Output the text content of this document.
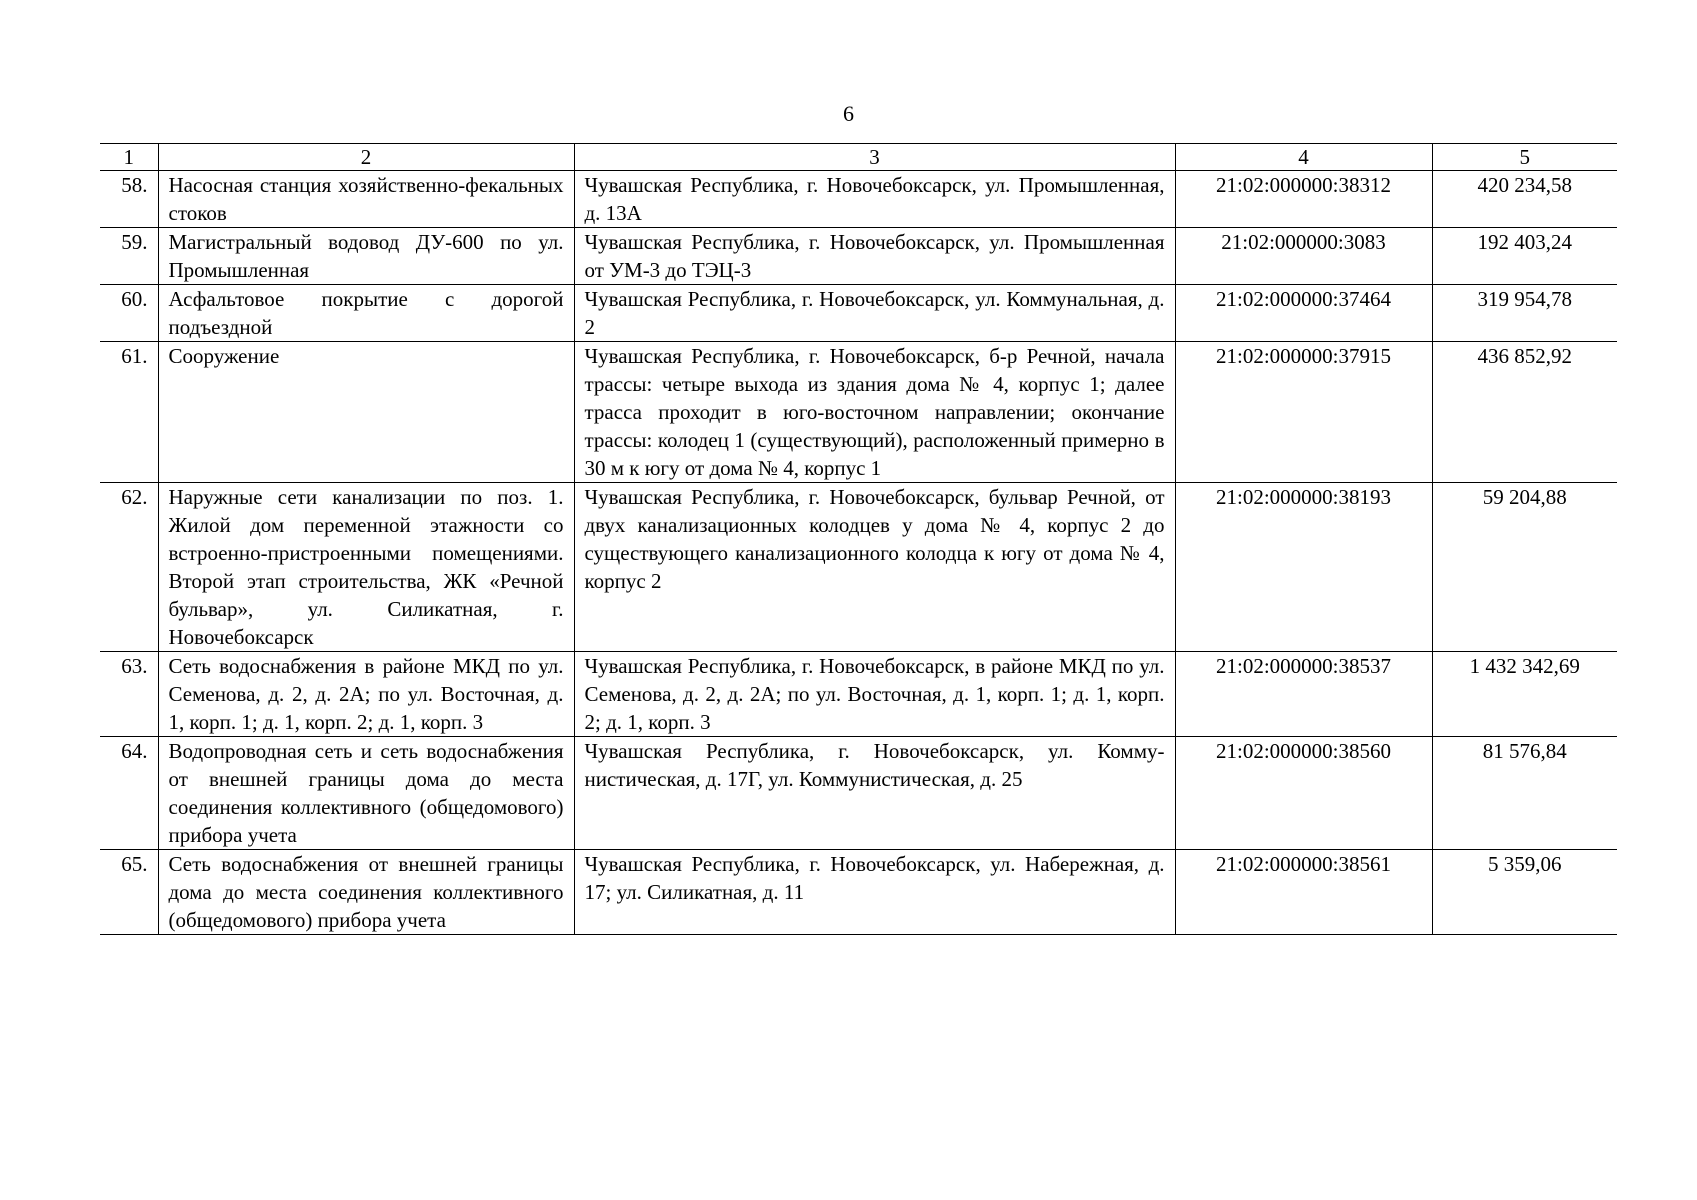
6
1	2	3	4	5
58.	Насосная станция хозяйственно-фекальных стоков	Чувашская Республика, г. Новочебоксарск, ул. Промышленная, д. 13А	21:02:000000:38312	420 234,58
59.	Магистральный водовод ДУ-600 по ул. Промышленная	Чувашская Республика, г. Новочебоксарск, ул. Промышленная от УМ-3 до ТЭЦ-3	21:02:000000:3083	192 403,24
60.	Асфальтовое покрытие с дорогой подъездной	Чувашская Республика, г. Новочебоксарск, ул. Коммунальная, д. 2	21:02:000000:37464	319 954,78
61.	Сооружение	Чувашская Республика, г. Новочебоксарск, б-р Речной, начала трассы: четыре выхода из здания дома № 4, корпус 1; далее трасса проходит в юго-восточном направлении; окончание трассы: колодец 1 (существующий), расположенный примерно в 30 м к югу от дома № 4, корпус 1	21:02:000000:37915	436 852,92
62.	Наружные сети канализации по поз. 1. Жилой дом переменной этажности со встроенно-пристроенными помещениями. Второй этап строительства, ЖК «Речной бульвар», ул. Силикатная, г. Новочебоксарск	Чувашская Республика, г. Новочебоксарск, бульвар Речной, от двух канализационных колодцев у дома № 4, корпус 2 до существующего канализационного колодца к югу от дома № 4, корпус 2	21:02:000000:38193	59 204,88
63.	Сеть водоснабжения в районе МКД по ул. Семенова, д. 2, д. 2А; по ул. Восточная, д. 1, корп. 1; д. 1, корп. 2; д. 1, корп. 3	Чувашская Республика, г. Новочебоксарск, в районе МКД по ул. Семенова, д. 2, д. 2А; по ул. Восточная, д. 1, корп. 1; д. 1, корп. 2; д. 1, корп. 3	21:02:000000:38537	1 432 342,69
64.	Водопроводная сеть и сеть водоснабжения от внешней границы дома до места соединения коллективного (общедомового) прибора учета	Чувашская Республика, г. Новочебоксарск, ул. Коммунистическая, д. 17Г, ул. Коммунистическая, д. 25	21:02:000000:38560	81 576,84
65.	Сеть водоснабжения от внешней границы дома до места соединения коллективного (общедомового) прибора учета	Чувашская Республика, г. Новочебоксарск, ул. Набережная, д. 17; ул. Силикатная, д. 11	21:02:000000:38561	5 359,06
